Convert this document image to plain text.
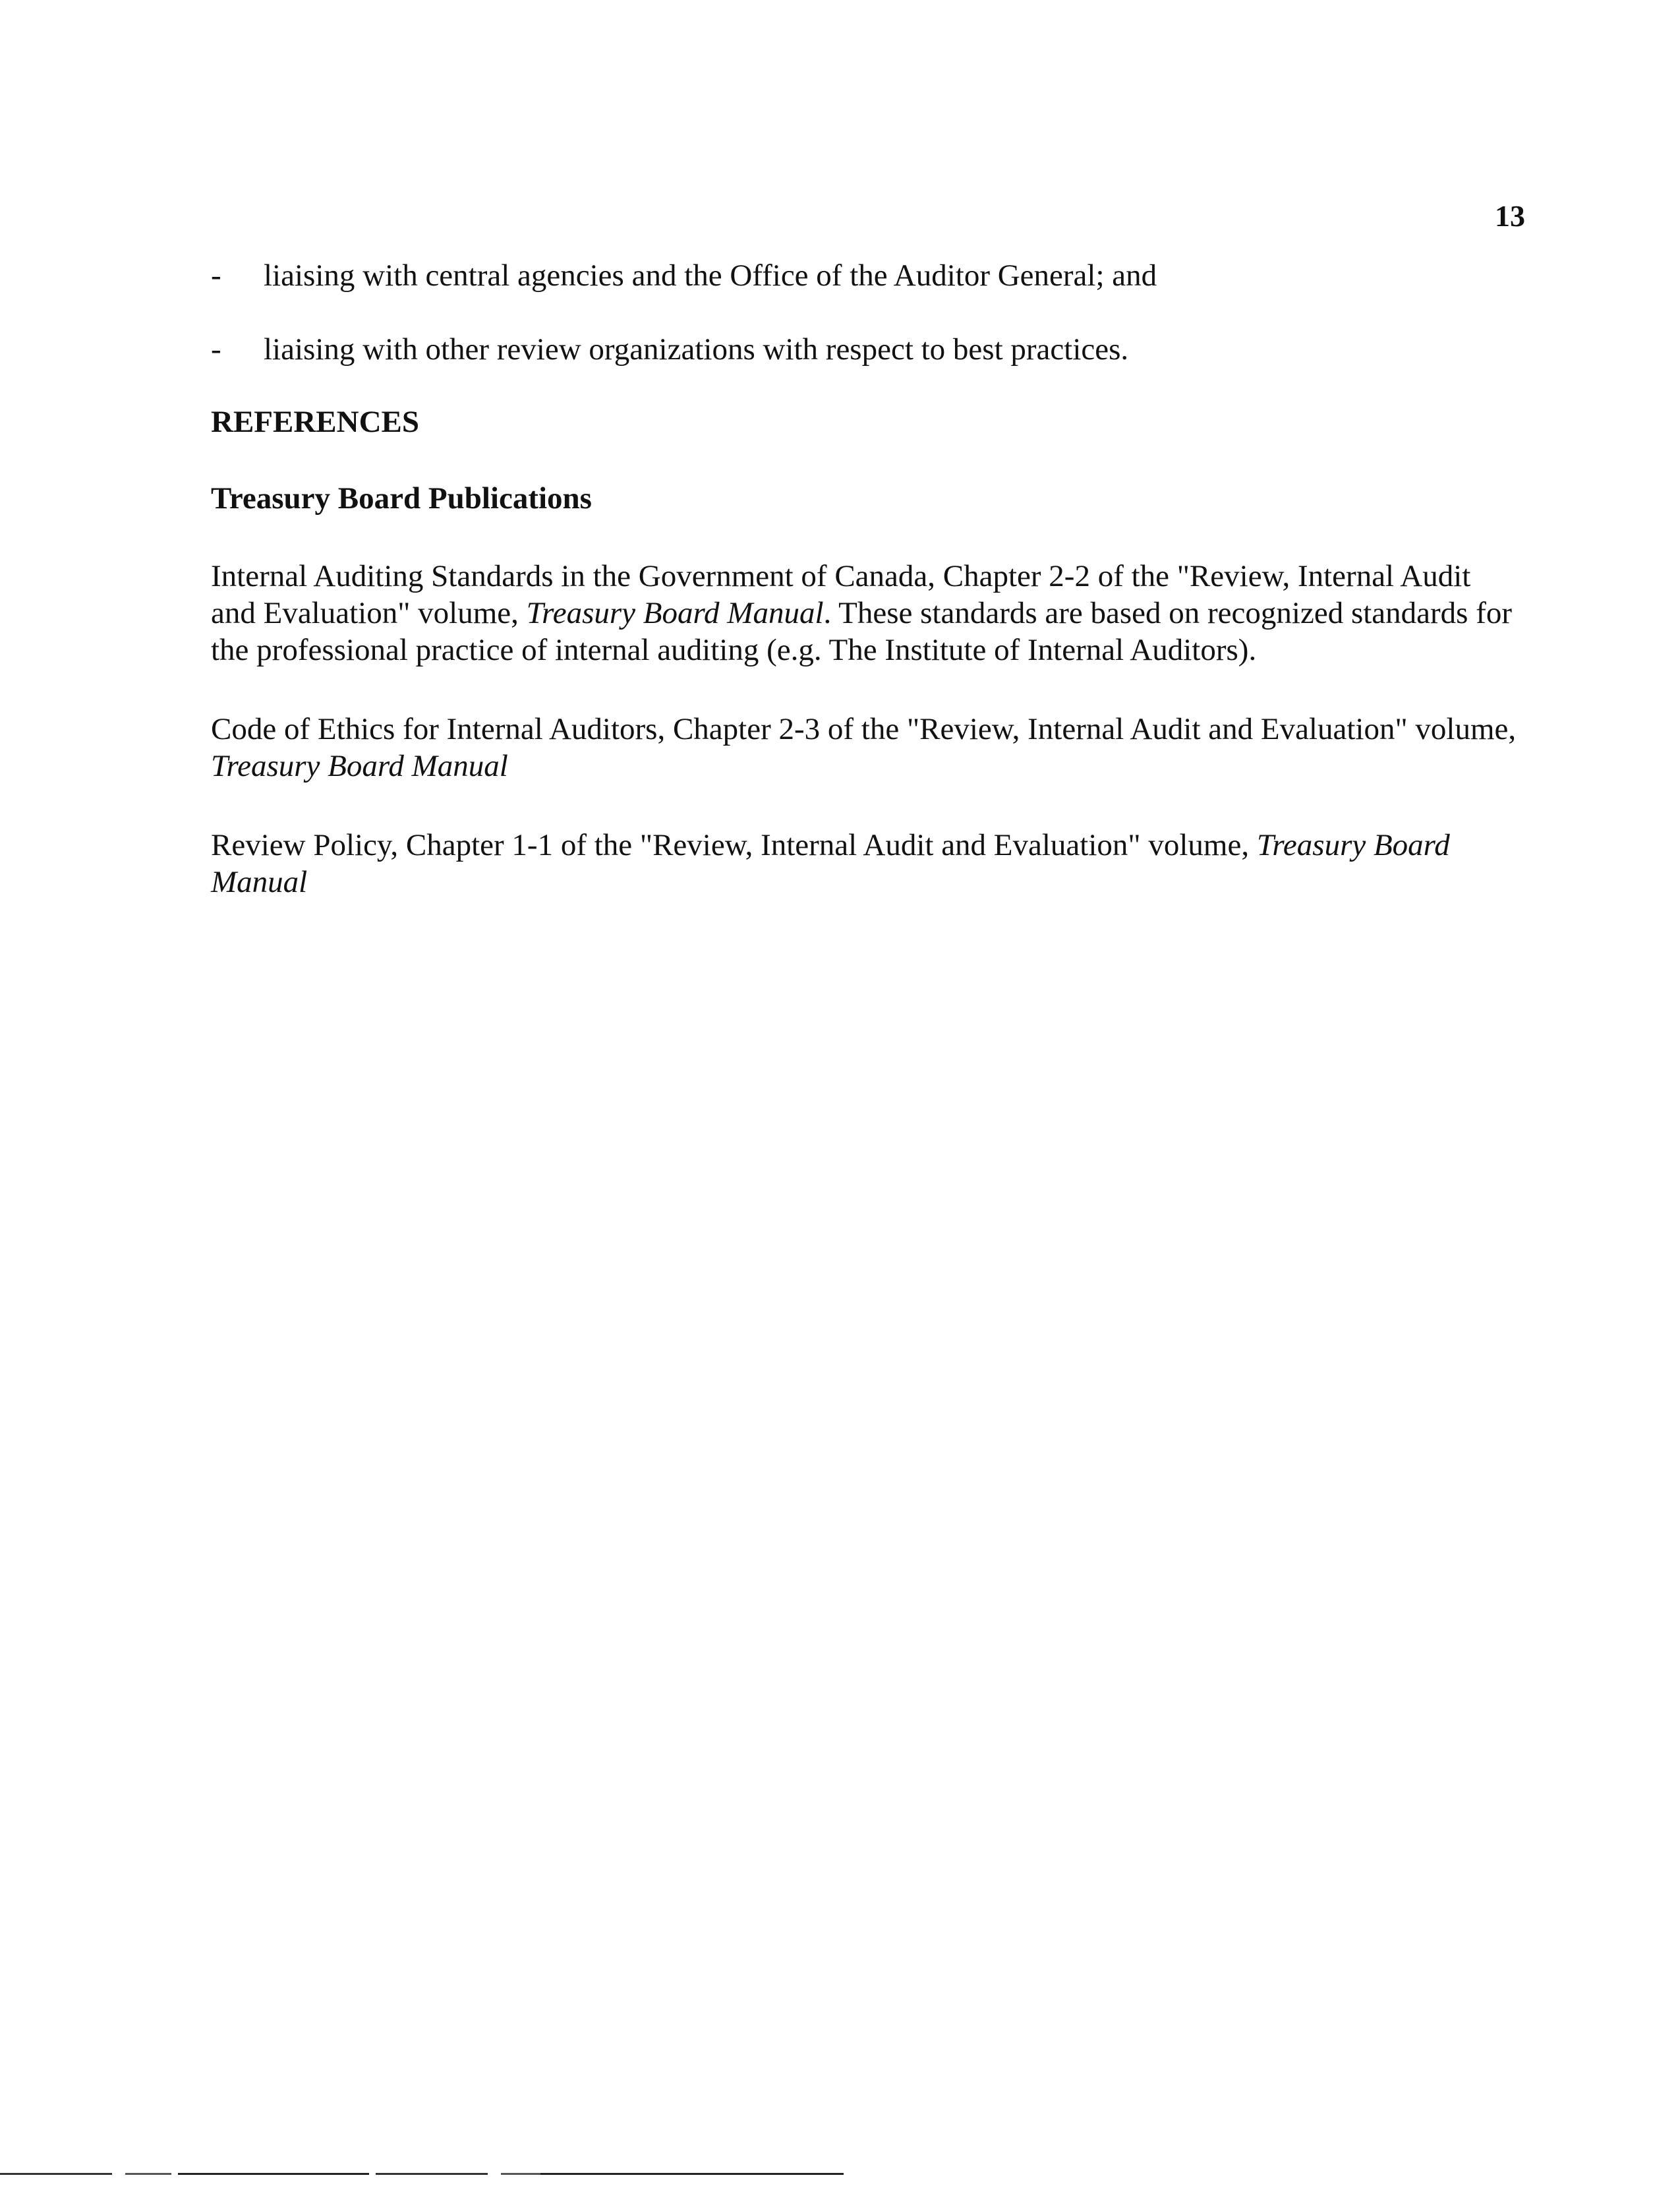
13
-	liaising with central agencies and the Office of the Auditor General; and
-	liaising with other review organizations with respect to best practices.
REFERENCES
Treasury Board Publications

Internal Auditing Standards in the Government of Canada, Chapter 2-2 of the "Review, Internal Audit and Evaluation" volume, Treasury Board Manual. These standards are based on recognized standards for the professional practice of internal auditing (e.g. The Institute of Internal Auditors).

Code of Ethics for Internal Auditors, Chapter 2-3 of the "Review, Internal Audit and Evaluation" volume, Treasury Board Manual

Review Policy, Chapter 1-1 of the "Review, Internal Audit and Evaluation" volume, Treasury Board Manual
